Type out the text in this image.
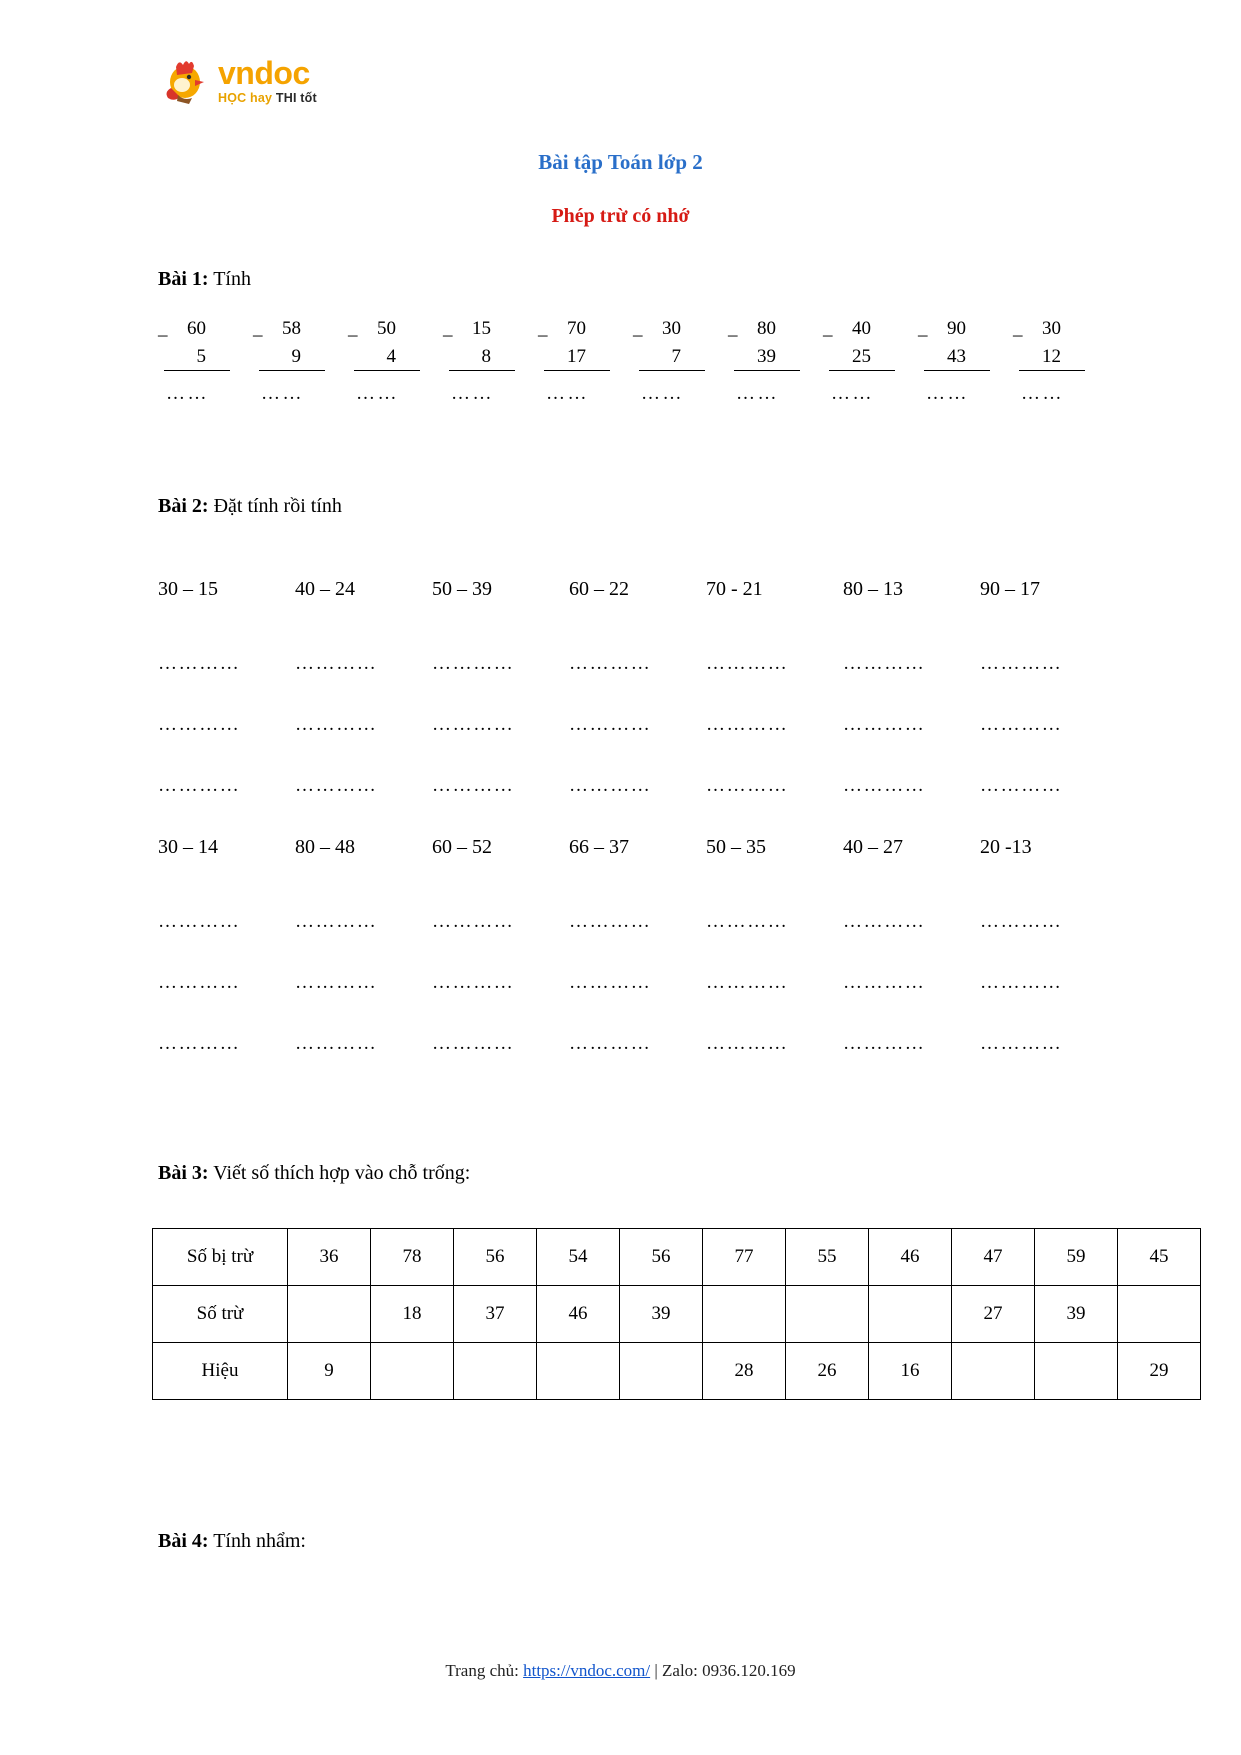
vndoc
HỌC hay THI tốt
Bài tập Toán lớp 2
Phép trừ có nhớ
Bài 1: Tính
_	60
5
……
_	58
9
……
_	50
4
……
_	15
8
……
_	70
17
……
_	30
7
……
_	80
39
……
_	40
25
……
_	90
43
……
_	30
12
……
Bài 2: Đặt tính rồi tính
30 – 15	40 – 24	50 – 39	60 – 22	70 - 21	80 – 13	90 – 17
…………	…………	…………	…………	…………	…………	…………
…………	…………	…………	…………	…………	…………	…………
…………	…………	…………	…………	…………	…………	…………
30 – 14	80 – 48	60 – 52	66 – 37	50 – 35	40 – 27	20 -13
…………	…………	…………	…………	…………	…………	…………
…………	…………	…………	…………	…………	…………	…………
…………	…………	…………	…………	…………	…………	…………
Bài 3: Viết số thích hợp vào chỗ trống:
Số bị trừ	36	78	56	54	56	77	55	46	47	59	45
Số trừ		18	37	46	39				27	39	
Hiệu	9					28	26	16			29
Bài 4: Tính nhẩm:
Trang chủ: https://vndoc.com/ | Zalo: 0936.120.169
